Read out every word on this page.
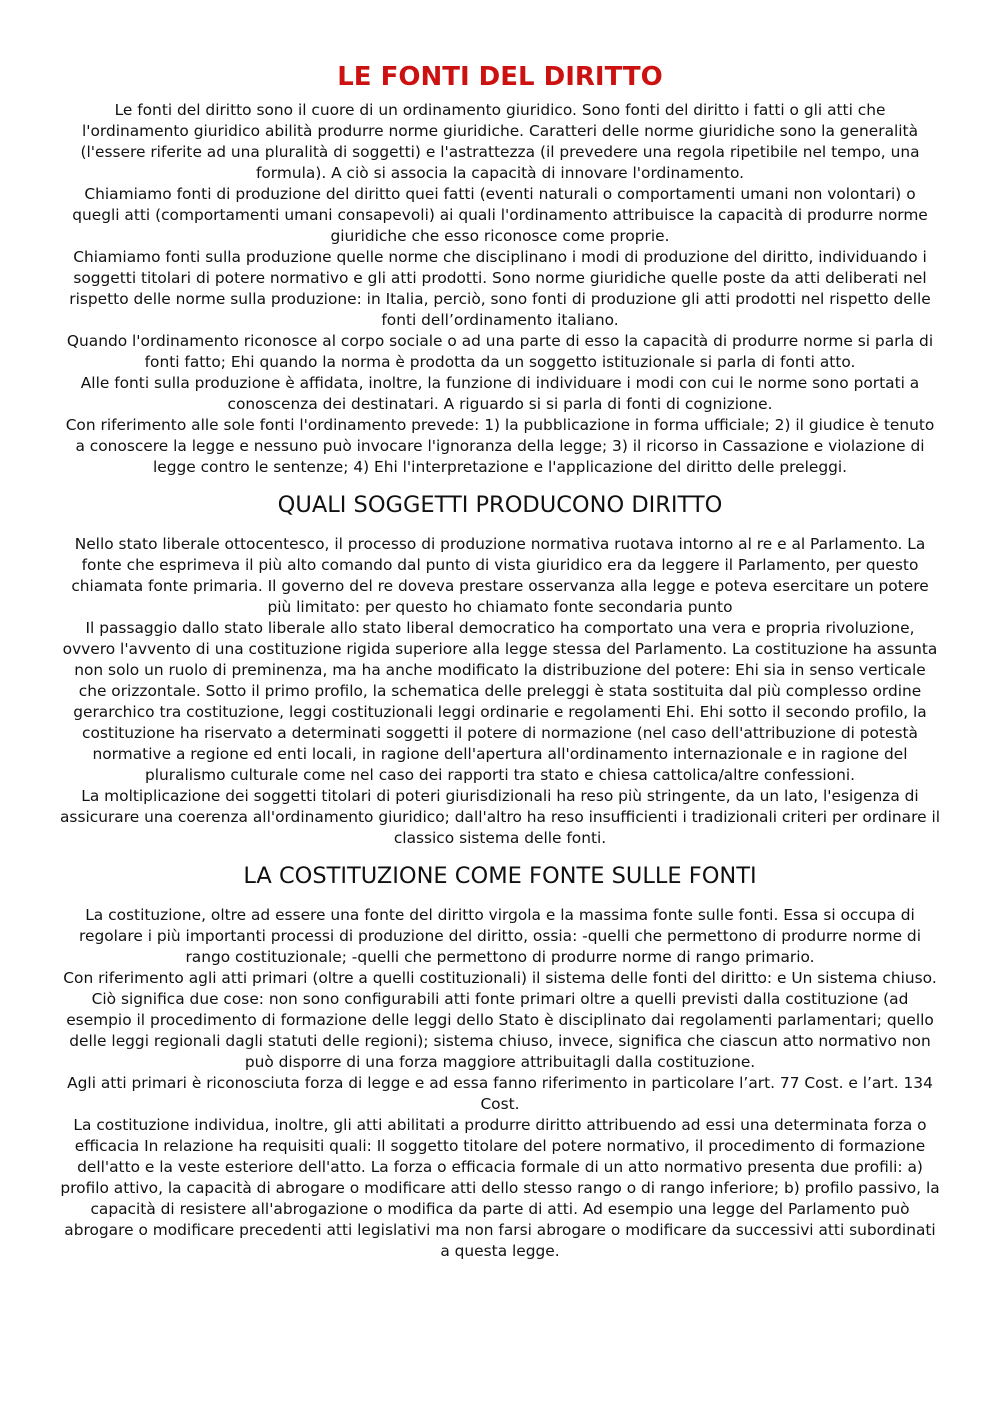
LE FONTI DEL DIRITTO

Le fonti del diritto sono il cuore di un ordinamento giuridico. Sono fonti del diritto i fatti o gli atti che l'ordinamento giuridico abilità produrre norme giuridiche. Caratteri delle norme giuridiche sono la generalità (l'essere riferite ad una pluralità di soggetti) e l'astrattezza (il prevedere una regola ripetibile nel tempo, una formula). A ciò si associa la capacità di innovare l'ordinamento.

Chiamiamo fonti di produzione del diritto quei fatti (eventi naturali o comportamenti umani non volontari) o quegli atti (comportamenti umani consapevoli) ai quali l'ordinamento attribuisce la capacità di produrre norme giuridiche che esso riconosce come proprie.

Chiamiamo fonti sulla produzione quelle norme che disciplinano i modi di produzione del diritto, individuando i soggetti titolari di potere normativo e gli atti prodotti. Sono norme giuridiche quelle poste da atti deliberati nel rispetto delle norme sulla produzione: in Italia, perciò, sono fonti di produzione gli atti prodotti nel rispetto delle fonti dell’ordinamento italiano.

Quando l'ordinamento riconosce al corpo sociale o ad una parte di esso la capacità di produrre norme si parla di fonti fatto; Ehi quando la norma è prodotta da un soggetto istituzionale si parla di fonti atto.

Alle fonti sulla produzione è affidata, inoltre, la funzione di individuare i modi con cui le norme sono portati a conoscenza dei destinatari. A riguardo si si parla di fonti di cognizione.

Con riferimento alle sole fonti l'ordinamento prevede: 1) la pubblicazione in forma ufficiale; 2) il giudice è tenuto a conoscere la legge e nessuno può invocare l'ignoranza della legge; 3) il ricorso in Cassazione e violazione di legge contro le sentenze; 4) Ehi l'interpretazione e l'applicazione del diritto delle preleggi.

QUALI SOGGETTI PRODUCONO DIRITTO

Nello stato liberale ottocentesco, il processo di produzione normativa ruotava intorno al re e al Parlamento. La fonte che esprimeva il più alto comando dal punto di vista giuridico era da leggere il Parlamento, per questo chiamata fonte primaria. Il governo del re doveva prestare osservanza alla legge e poteva esercitare un potere più limitato: per questo ho chiamato fonte secondaria punto

Il passaggio dallo stato liberale allo stato liberal democratico ha comportato una vera e propria rivoluzione, ovvero l'avvento di una costituzione rigida superiore alla legge stessa del Parlamento. La costituzione ha assunta non solo un ruolo di preminenza, ma ha anche modificato la distribuzione del potere: Ehi sia in senso verticale che orizzontale. Sotto il primo profilo, la schematica delle preleggi è stata sostituita dal più complesso ordine gerarchico tra costituzione, leggi costituzionali leggi ordinarie e regolamenti Ehi. Ehi sotto il secondo profilo, la costituzione ha riservato a determinati soggetti il potere di normazione (nel caso dell'attribuzione di potestà normative a regione ed enti locali, in ragione dell'apertura all'ordinamento internazionale e in ragione del pluralismo culturale come nel caso dei rapporti tra stato e chiesa cattolica/altre confessioni.

La moltiplicazione dei soggetti titolari di poteri giurisdizionali ha reso più stringente, da un lato, l'esigenza di assicurare una coerenza all'ordinamento giuridico; dall'altro ha reso insufficienti i tradizionali criteri per ordinare il classico sistema delle fonti.

LA COSTITUZIONE COME FONTE SULLE FONTI

La costituzione, oltre ad essere una fonte del diritto virgola e la massima fonte sulle fonti. Essa si occupa di regolare i più importanti processi di produzione del diritto, ossia: -quelli che permettono di produrre norme di rango costituzionale; -quelli che permettono di produrre norme di rango primario.

Con riferimento agli atti primari (oltre a quelli costituzionali) il sistema delle fonti del diritto: e Un sistema chiuso. Ciò significa due cose: non sono configurabili atti fonte primari oltre a quelli previsti dalla costituzione (ad esempio il procedimento di formazione delle leggi dello Stato è disciplinato dai regolamenti parlamentari; quello delle leggi regionali dagli statuti delle regioni); sistema chiuso, invece, significa che ciascun atto normativo non può disporre di una forza maggiore attribuitagli dalla costituzione.

Agli atti primari è riconosciuta forza di legge e ad essa fanno riferimento in particolare l’art. 77 Cost. e l’art. 134 Cost.

La costituzione individua, inoltre, gli atti abilitati a produrre diritto attribuendo ad essi una determinata forza o efficacia In relazione ha requisiti quali: Il soggetto titolare del potere normativo, il procedimento di formazione dell'atto e la veste esteriore dell'atto. La forza o efficacia formale di un atto normativo presenta due profili: a) profilo attivo, la capacità di abrogare o modificare atti dello stesso rango o di rango inferiore; b) profilo passivo, la capacità di resistere all'abrogazione o modifica da parte di atti. Ad esempio una legge del Parlamento può abrogare o modificare precedenti atti legislativi ma non farsi abrogare o modificare da successivi atti subordinati a questa legge.
